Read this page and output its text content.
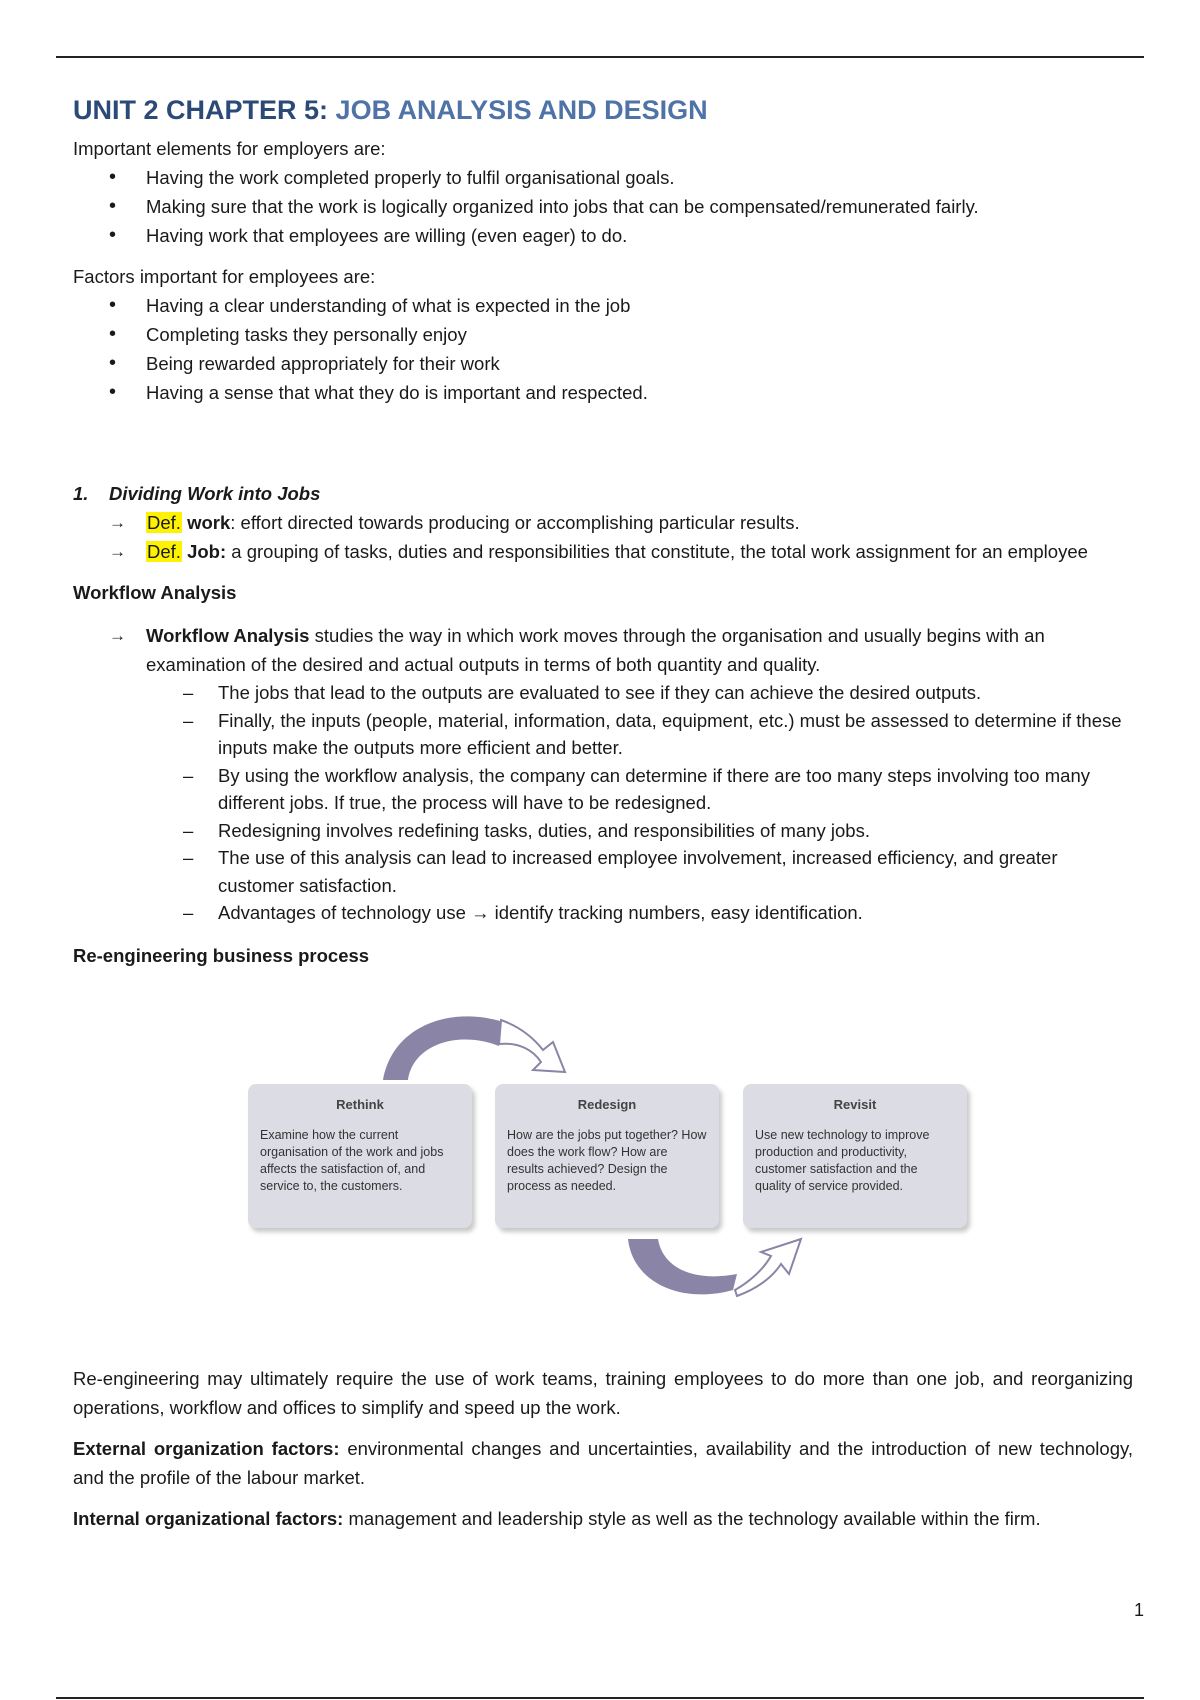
UNIT 2 CHAPTER 5: JOB ANALYSIS AND DESIGN

Important elements for employers are:

• Having the work completed properly to fulfil organisational goals.
• Making sure that the work is logically organized into jobs that can be compensated/remunerated fairly.
• Having work that employees are willing (even eager) to do.

Factors important for employees are:

• Having a clear understanding of what is expected in the job
• Completing tasks they personally enjoy
• Being rewarded appropriately for their work
• Having a sense that what they do is important and respected.

1. Dividing Work into Jobs

→ Def. work: effort directed towards producing or accomplishing particular results.
→ Def. Job: a grouping of tasks, duties and responsibilities that constitute, the total work assignment for an employee

Workflow Analysis

→ Workflow Analysis studies the way in which work moves through the organisation and usually begins with an examination of the desired and actual outputs in terms of both quantity and quality.
– The jobs that lead to the outputs are evaluated to see if they can achieve the desired outputs.
– Finally, the inputs (people, material, information, data, equipment, etc.) must be assessed to determine if these inputs make the outputs more efficient and better.
– By using the workflow analysis, the company can determine if there are too many steps involving too many different jobs. If true, the process will have to be redesigned.
– Redesigning involves redefining tasks, duties, and responsibilities of many jobs.
– The use of this analysis can lead to increased employee involvement, increased efficiency, and greater customer satisfaction.
– Advantages of technology use → identify tracking numbers, easy identification.

Re-engineering business process

Rethink

Examine how the current organisation of the work and jobs affects the satisfaction of, and service to, the customers.

Redesign

How are the jobs put together? How does the work flow? How are results achieved? Design the process as needed.

Revisit

Use new technology to improve production and productivity, customer satisfaction and the quality of service provided.

Re-engineering may ultimately require the use of work teams, training employees to do more than one job, and reorganizing operations, workflow and offices to simplify and speed up the work.

External organization factors: environmental changes and uncertainties, availability and the introduction of new technology, and the profile of the labour market.

Internal organizational factors: management and leadership style as well as the technology available within the firm.

1
